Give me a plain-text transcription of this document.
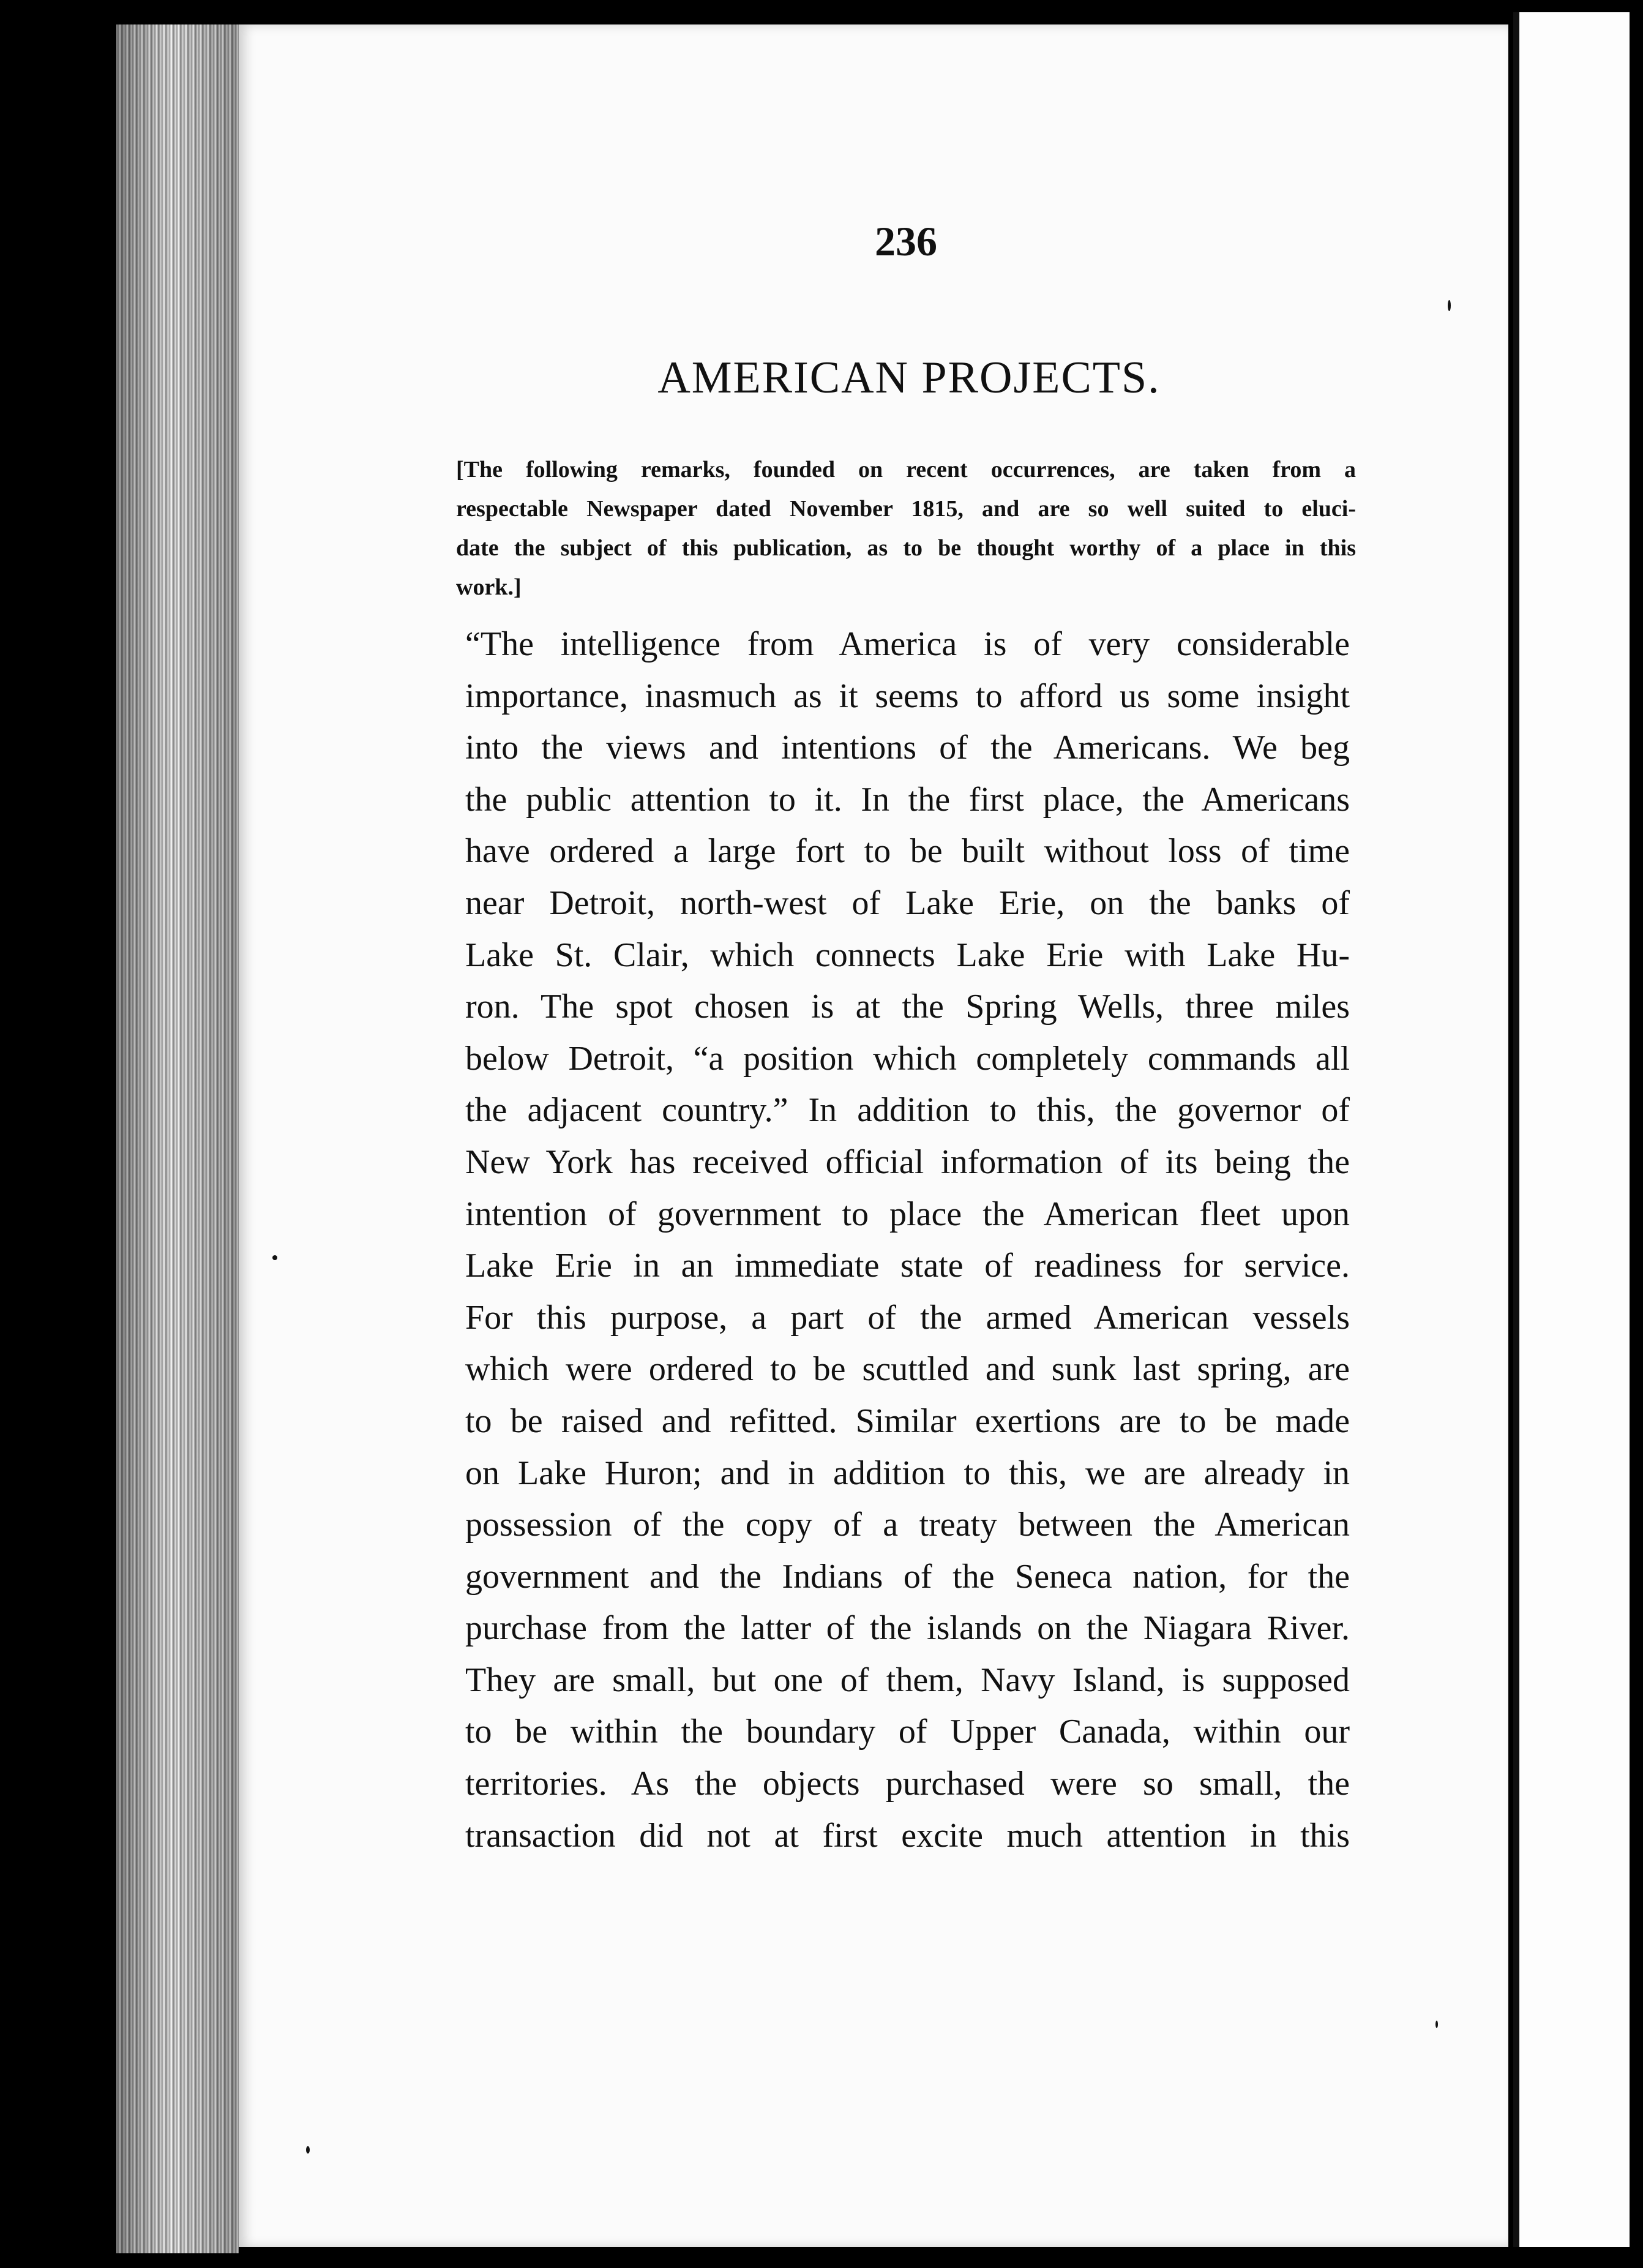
236
AMERICAN PROJECTS.
[The following remarks, founded on recent occurrences, are taken from a
respectable Newspaper dated November 1815, and are so well suited to eluci-
date the subject of this publication, as to be thought worthy of a place in this
work.]
“The intelligence from America is of very considerable
importance, inasmuch as it seems to afford us some insight
into the views and intentions of the Americans. We beg
the public attention to it. In the first place, the Americans
have ordered a large fort to be built without loss of time
near Detroit, north-west of Lake Erie, on the banks of
Lake St. Clair, which connects Lake Erie with Lake Hu-
ron. The spot chosen is at the Spring Wells, three miles
below Detroit, “a position which completely commands all
the adjacent country.” In addition to this, the governor of
New York has received official information of its being the
intention of government to place the American fleet upon
Lake Erie in an immediate state of readiness for service.
For this purpose, a part of the armed American vessels
which were ordered to be scuttled and sunk last spring, are
to be raised and refitted. Similar exertions are to be made
on Lake Huron; and in addition to this, we are already in
possession of the copy of a treaty between the American
government and the Indians of the Seneca nation, for the
purchase from the latter of the islands on the Niagara River.
They are small, but one of them, Navy Island, is supposed
to be within the boundary of Upper Canada, within our
territories. As the objects purchased were so small, the
transaction did not at first excite much attention in this
